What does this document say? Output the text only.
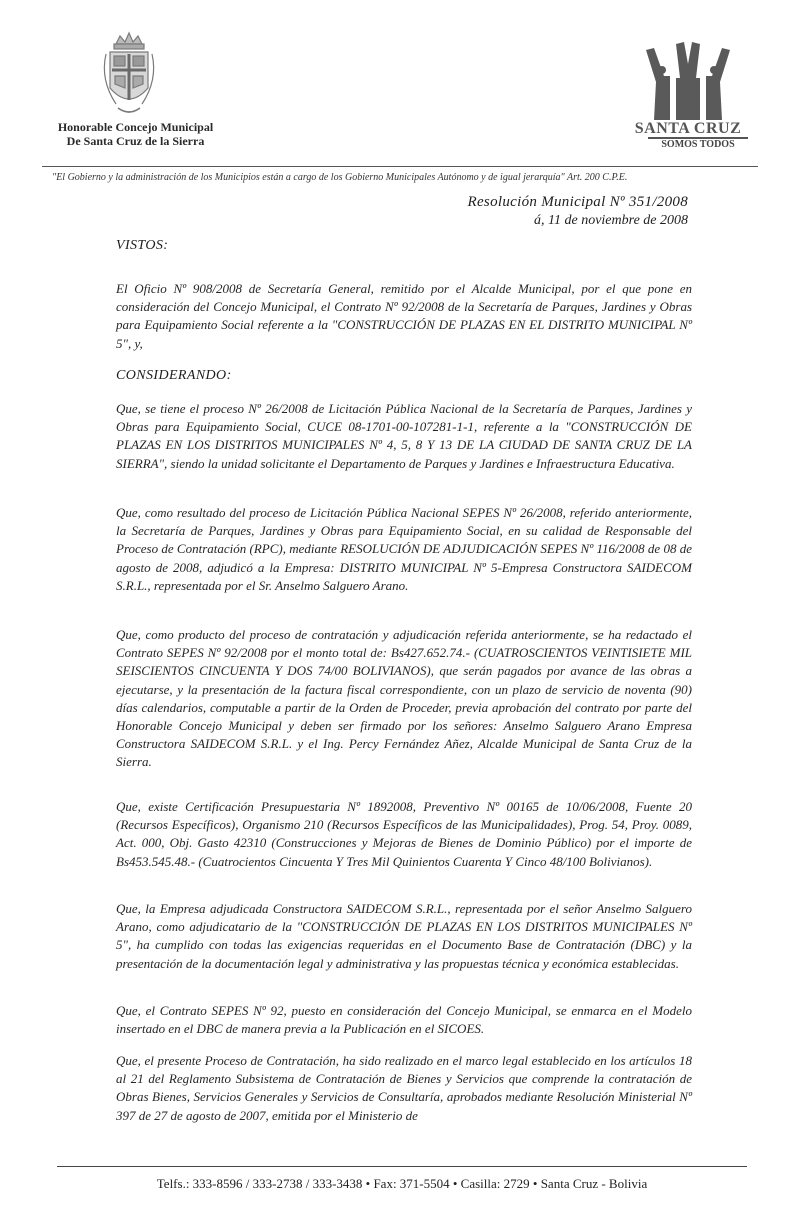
Honorable Concejo Municipal
De Santa Cruz de la Sierra
SANTA CRUZ
SOMOS TODOS
"El Gobierno y la administración de los Municipios están a cargo de los Gobierno Municipales Autónomo y de igual jerarquía" Art. 200 C.P.E.
Resolución Municipal Nº 351/2008
á, 11 de noviembre de 2008
VISTOS:
El Oficio Nº 908/2008 de Secretaría General, remitido por el Alcalde Municipal, por el que pone en consideración del Concejo Municipal, el Contrato Nº 92/2008 de la Secretaría de Parques, Jardines y Obras para Equipamiento Social referente a la "CONSTRUCCIÓN DE PLAZAS EN EL DISTRITO MUNICIPAL Nº 5", y,
CONSIDERANDO:
Que, se tiene el proceso Nº 26/2008 de Licitación Pública Nacional de la Secretaría de Parques, Jardines y Obras para Equipamiento Social, CUCE 08-1701-00-107281-1-1, referente a la "CONSTRUCCIÓN DE PLAZAS EN LOS DISTRITOS MUNICIPALES Nº 4, 5, 8 Y 13 DE LA CIUDAD DE SANTA CRUZ DE LA SIERRA", siendo la unidad solicitante el Departamento de Parques y Jardines e Infraestructura Educativa.
Que, como resultado del proceso de Licitación Pública Nacional SEPES Nº 26/2008, referido anteriormente, la Secretaría de Parques, Jardines y Obras para Equipamiento Social, en su calidad de Responsable del Proceso de Contratación (RPC), mediante RESOLUCIÓN DE ADJUDICACIÓN SEPES Nº 116/2008 de 08 de agosto de 2008, adjudicó a la Empresa: DISTRITO MUNICIPAL Nº 5-Empresa Constructora SAIDECOM S.R.L., representada por el Sr. Anselmo Salguero Arano.
Que, como producto del proceso de contratación y adjudicación referida anteriormente, se ha redactado el Contrato SEPES Nº 92/2008 por el monto total de: Bs427.652.74.- (CUATROSCIENTOS VEINTISIETE MIL SEISCIENTOS CINCUENTA Y DOS 74/00 BOLIVIANOS), que serán pagados por avance de las obras a ejecutarse, y la presentación de la factura fiscal correspondiente, con un plazo de servicio de noventa (90) días calendarios, computable a partir de la Orden de Proceder, previa aprobación del contrato por parte del Honorable Concejo Municipal y deben ser firmado por los señores: Anselmo Salguero Arano Empresa Constructora SAIDECOM S.R.L. y el Ing. Percy Fernández Añez, Alcalde Municipal de Santa Cruz de la Sierra.
Que, existe Certificación Presupuestaria Nº 1892008, Preventivo Nº 00165 de 10/06/2008, Fuente 20 (Recursos Específicos), Organismo 210 (Recursos Específicos de las Municipalidades), Prog. 54, Proy. 0089, Act. 000, Obj. Gasto 42310 (Construcciones y Mejoras de Bienes de Dominio Público) por el importe de Bs453.545.48.- (Cuatrocientos Cincuenta Y Tres Mil Quinientos Cuarenta Y Cinco 48/100 Bolivianos).
Que, la Empresa adjudicada Constructora SAIDECOM S.R.L., representada por el señor Anselmo Salguero Arano, como adjudicatario de la "CONSTRUCCIÓN DE PLAZAS EN LOS DISTRITOS MUNICIPALES Nº 5", ha cumplido con todas las exigencias requeridas en el Documento Base de Contratación (DBC) y la presentación de la documentación legal y administrativa y las propuestas técnica y económica establecidas.
Que, el Contrato SEPES Nº 92, puesto en consideración del Concejo Municipal, se enmarca en el Modelo insertado en el DBC de manera previa a la Publicación en el SICOES.
Que, el presente Proceso de Contratación, ha sido realizado en el marco legal establecido en los artículos 18 al 21 del Reglamento Subsistema de Contratación de Bienes y Servicios que comprende la contratación de Obras Bienes, Servicios Generales y Servicios de Consultaría, aprobados mediante Resolución Ministerial Nº 397 de 27 de agosto de 2007, emitida por el Ministerio de
Telfs.: 333-8596 / 333-2738 / 333-3438 • Fax: 371-5504 • Casilla: 2729 • Santa Cruz - Bolivia
